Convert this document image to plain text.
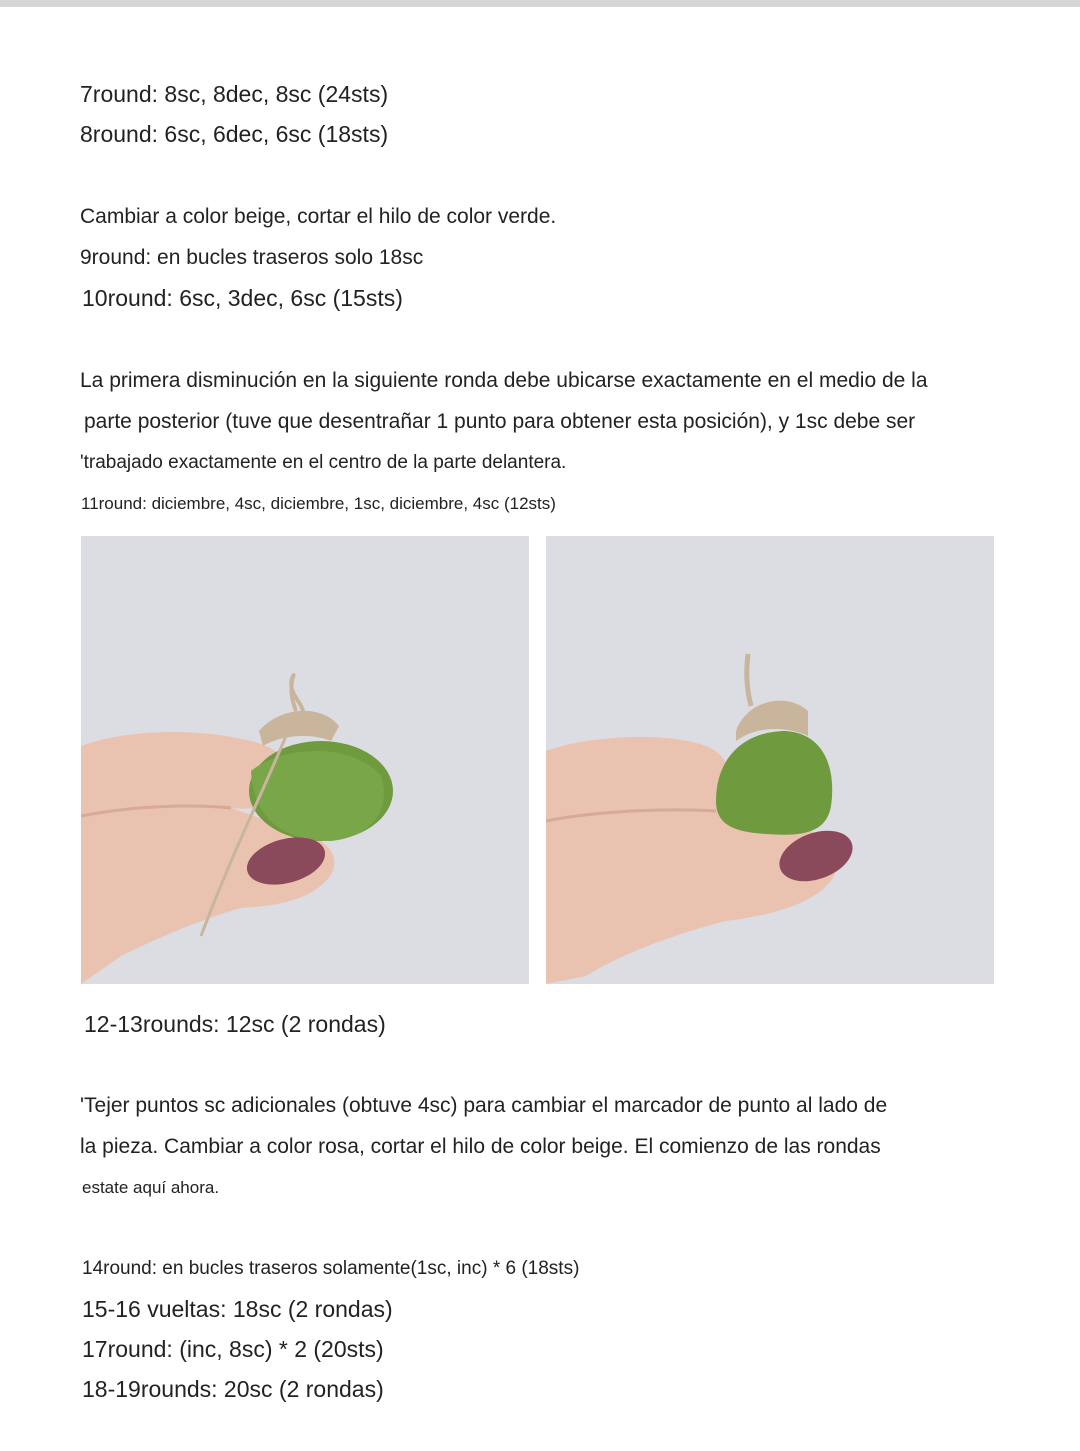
7round: 8sc, 8dec, 8sc (24sts)
8round: 6sc, 6dec, 6sc (18sts)
Cambiar a color beige, cortar el hilo de color verde.
9round: en bucles traseros solo 18sc
10round: 6sc, 3dec, 6sc (15sts)
La primera disminución en la siguiente ronda debe ubicarse exactamente en el medio de la
parte posterior (tuve que desentrañar 1 punto para obtener esta posición), y 1sc debe ser
'trabajado exactamente en el centro de la parte delantera.
11round: diciembre, 4sc, diciembre, 1sc, diciembre, 4sc (12sts)
12-13rounds: 12sc (2 rondas)
'Tejer puntos sc adicionales (obtuve 4sc) para cambiar el marcador de punto al lado de
la pieza. Cambiar a color rosa, cortar el hilo de color beige. El comienzo de las rondas
estate aquí ahora.
14round: en bucles traseros solamente(1sc, inc) * 6 (18sts)
15-16 vueltas: 18sc (2 rondas)
17round: (inc, 8sc) * 2 (20sts)
18-19rounds: 20sc (2 rondas)
